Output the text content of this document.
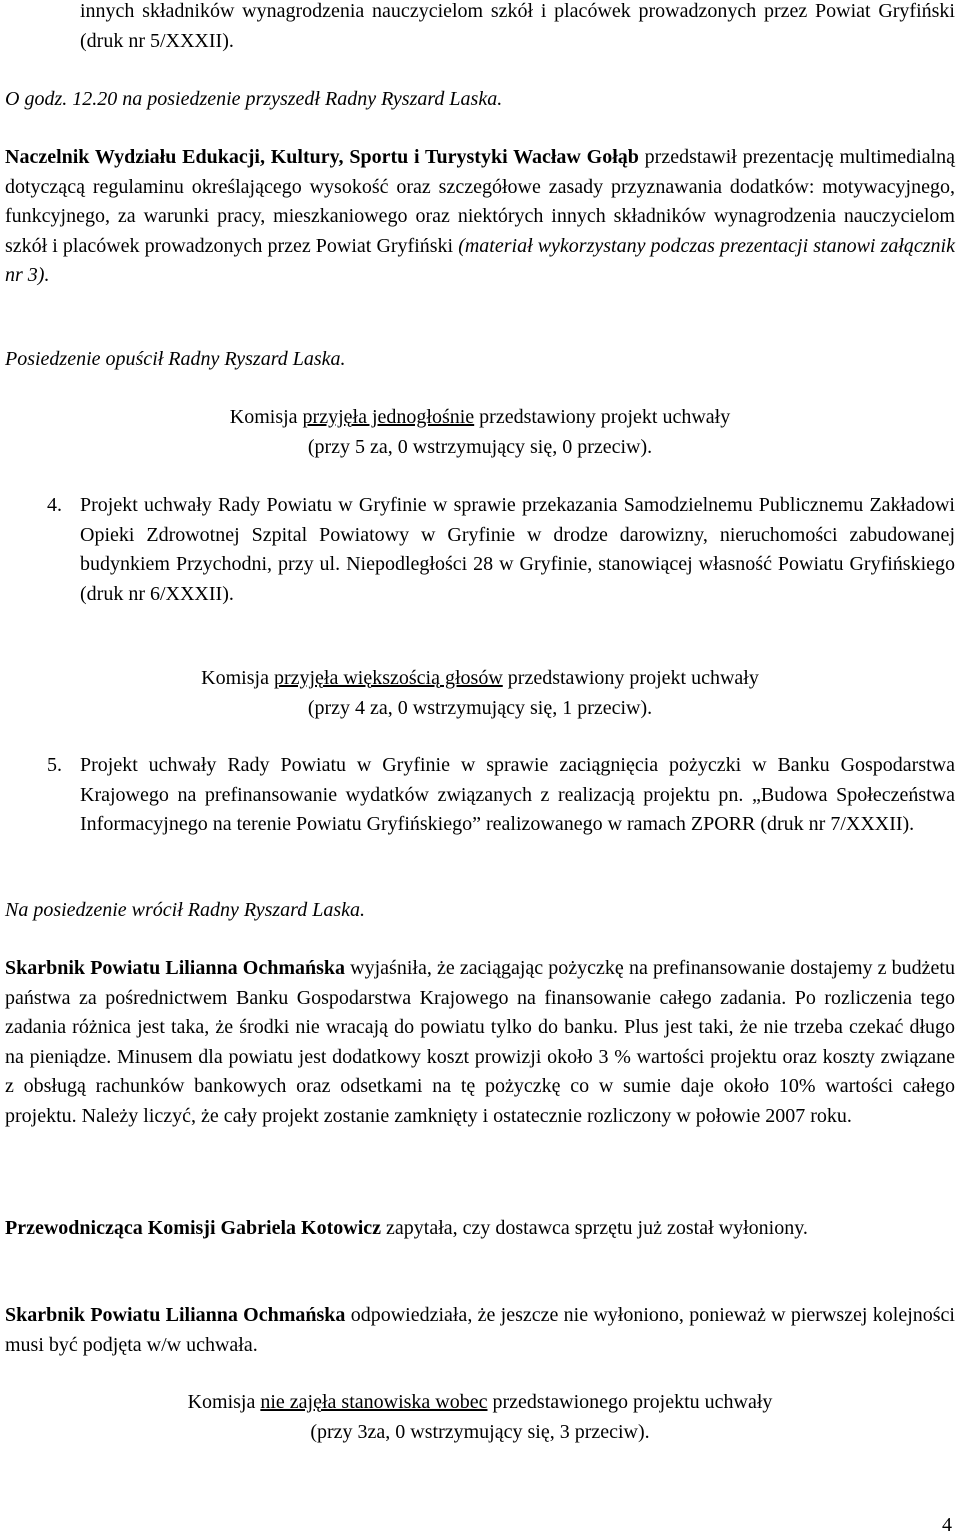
innych składników wynagrodzenia nauczycielom szkół i placówek prowadzonych przez Powiat Gryfiński (druk nr 5/XXXII).

O godz. 12.20 na posiedzenie przyszedł Radny Ryszard Laska.

Naczelnik Wydziału Edukacji, Kultury, Sportu i Turystyki Wacław Gołąb przedstawił prezentację multimedialną dotyczącą regulaminu określającego wysokość oraz szczegółowe zasady przyznawania dodatków: motywacyjnego, funkcyjnego, za warunki pracy, mieszkaniowego oraz niektórych innych składników wynagrodzenia nauczycielom szkół i placówek prowadzonych przez Powiat Gryfiński (materiał wykorzystany podczas prezentacji stanowi załącznik nr 3).

Posiedzenie opuścił Radny Ryszard Laska.

Komisja przyjęła jednogłośnie przedstawiony projekt uchwały
(przy 5 za, 0 wstrzymujący się, 0 przeciw).
4. Projekt uchwały Rady Powiatu w Gryfinie w sprawie przekazania Samodzielnemu Publicznemu Zakładowi Opieki Zdrowotnej Szpital Powiatowy w Gryfinie w drodze darowizny, nieruchomości zabudowanej budynkiem Przychodni, przy ul. Niepodległości 28 w Gryfinie, stanowiącej własność Powiatu Gryfińskiego (druk nr 6/XXXII).
Komisja przyjęła większością głosów przedstawiony projekt uchwały
(przy 4 za, 0 wstrzymujący się, 1 przeciw).
5. Projekt uchwały Rady Powiatu w Gryfinie w sprawie zaciągnięcia pożyczki w Banku Gospodarstwa Krajowego na prefinansowanie wydatków związanych z realizacją projektu pn. „Budowa Społeczeństwa Informacyjnego na terenie Powiatu Gryfińskiego” realizowanego w ramach ZPORR (druk nr 7/XXXII).

Na posiedzenie wrócił Radny Ryszard Laska.

Skarbnik Powiatu Lilianna Ochmańska wyjaśniła, że zaciągając pożyczkę na prefinansowanie dostajemy z budżetu państwa za pośrednictwem Banku Gospodarstwa Krajowego na finansowanie całego zadania. Po rozliczenia tego zadania różnica jest taka, że środki nie wracają do powiatu tylko do banku. Plus jest taki, że nie trzeba czekać długo na pieniądze. Minusem dla powiatu jest dodatkowy koszt prowizji około 3 % wartości projektu oraz koszty związane z obsługą rachunków bankowych oraz odsetkami na tę pożyczkę co w sumie daje około 10% wartości całego projektu. Należy liczyć, że cały projekt zostanie zamknięty i ostatecznie rozliczony w połowie 2007 roku.

Przewodnicząca Komisji Gabriela Kotowicz zapytała, czy dostawca sprzętu już został wyłoniony.

Skarbnik Powiatu Lilianna Ochmańska odpowiedziała, że jeszcze nie wyłoniono, ponieważ w pierwszej kolejności musi być podjęta w/w uchwała.

Komisja nie zajęła stanowiska wobec przedstawionego projektu uchwały
(przy 3za, 0 wstrzymujący się, 3 przeciw).
4
